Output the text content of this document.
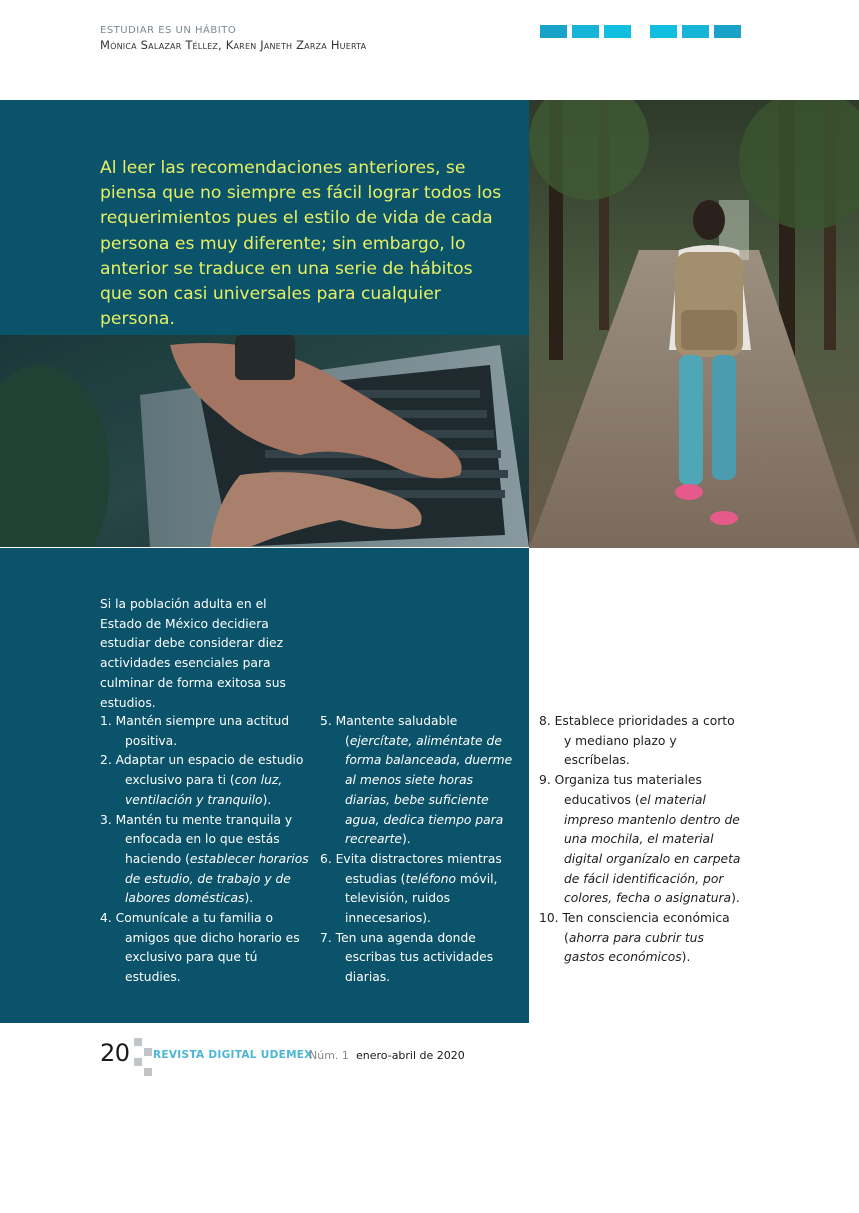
ESTUDIAR ES UN HÁBITO
Mónica Salazar Téllez, Karen Janeth Zarza Huerta

Al leer las recomendaciones anteriores, se piensa que no siempre es fácil lograr todos los requerimientos pues el estilo de vida de cada persona es muy diferente; sin embargo, lo anterior se traduce en una serie de hábitos que son casi universales para cualquier persona.

Si la población adulta en el Estado de México decidiera estudiar debe considerar diez actividades esenciales para culminar de forma exitosa sus estudios.

1. Mantén siempre una actitud positiva.
2. Adaptar un espacio de estudio exclusivo para ti (con luz, ventilación y tranquilo).
3. Mantén tu mente tranquila y enfocada en lo que estás haciendo (establecer horarios de estudio, de trabajo y de labores domésticas).
4. Comunícale a tu familia o amigos que dicho horario es exclusivo para que tú estudies.
5. Mantente saludable (ejercítate, aliméntate de forma balanceada, duerme al menos siete horas diarias, bebe suficiente agua, dedica tiempo para recrearte).
6. Evita distractores mientras estudias (teléfono móvil, televisión, ruidos innecesarios).
7. Ten una agenda donde escribas tus actividades diarias.
8. Establece prioridades a corto y mediano plazo y escríbelas.
9. Organiza tus materiales educativos (el material impreso mantenlo dentro de una mochila, el material digital organízalo en carpeta de fácil identificación, por colores, fecha o asignatura).
10. Ten consciencia económica (ahorra para cubrir tus gastos económicos).
20 REVISTA DIGITAL UDEMEX
Núm. 1 enero-abril de 2020
